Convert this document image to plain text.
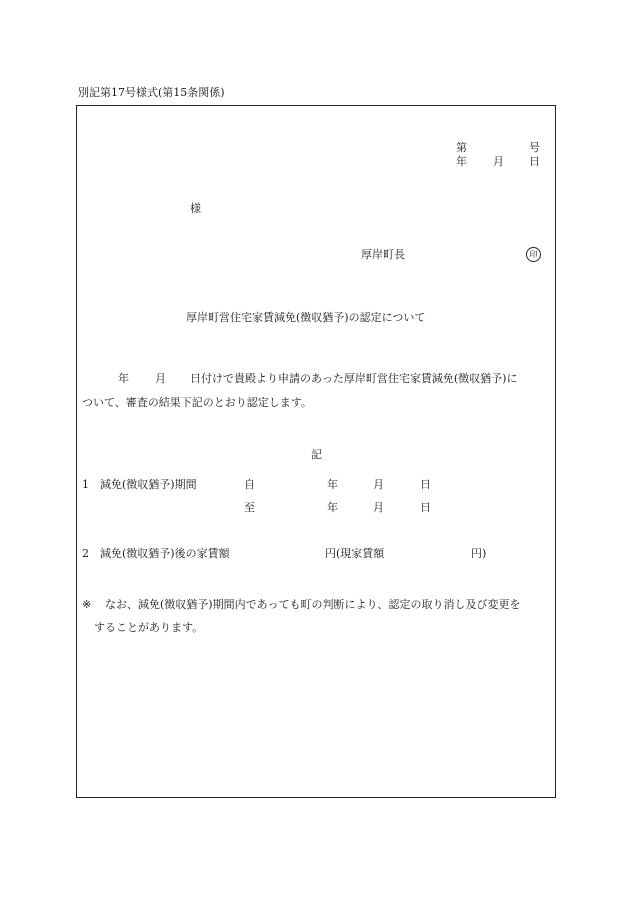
別記第17号様式(第15条関係)
第	号
年 月 日
様
厚岸町長	印
厚岸町営住宅家賃減免(徴収猶予)の認定について
年 月 日付けで貴殿より申請のあった厚岸町営住宅家賃減免(徴収猶予)に
ついて、審査の結果下記のとおり認定します。
記
1 減免(徴収猶予)期間	自	年	月	日
至	年	月	日
2 減免(徴収猶予)後の家賃額	円(現家賃額	円)
※ なお、減免(徴収猶予)期間内であっても町の判断により、認定の取り消し及び変更を
することがあります。
